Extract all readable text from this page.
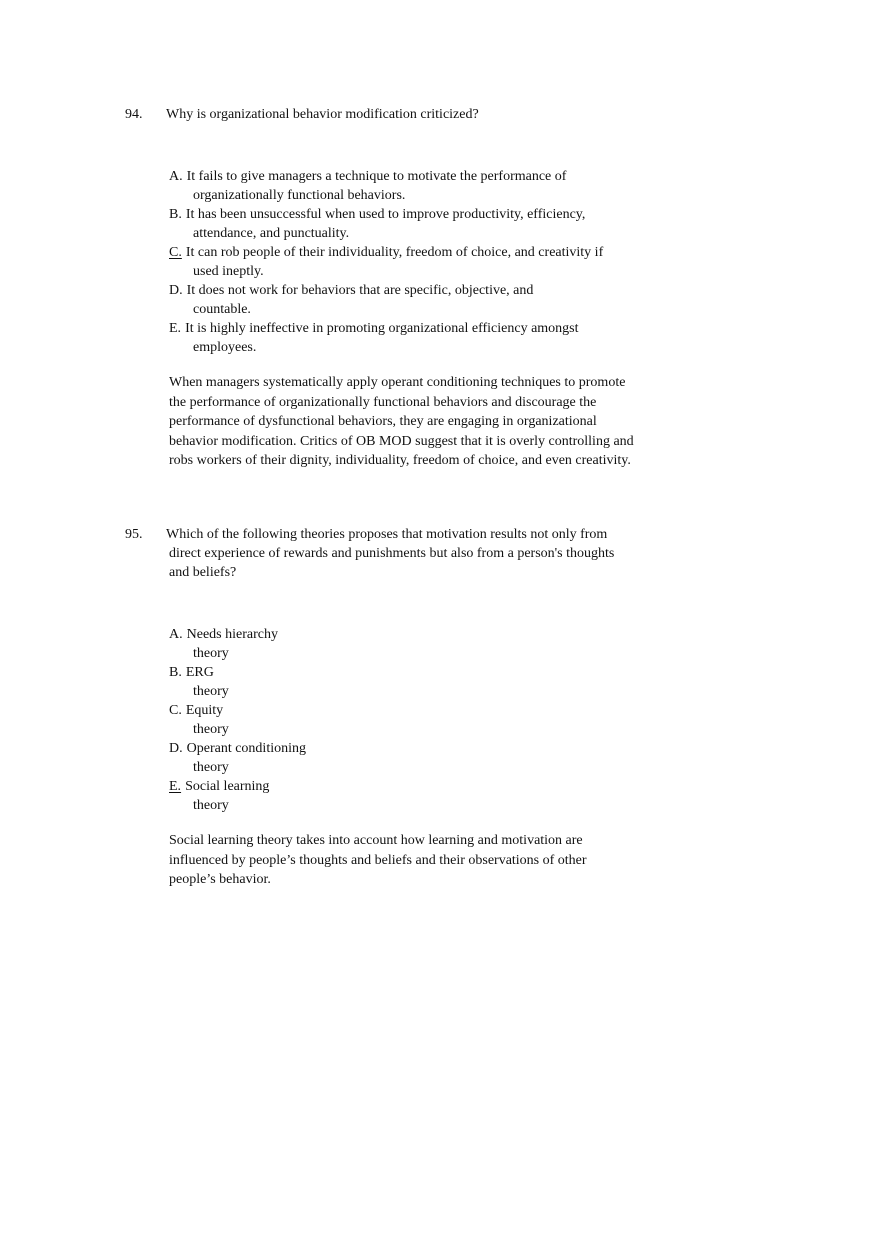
94. Why is organizational behavior modification criticized?
A. It fails to give managers a technique to motivate the performance of
organizationally functional behaviors.
B. It has been unsuccessful when used to improve productivity, efficiency,
attendance, and punctuality.
C. It can rob people of their individuality, freedom of choice, and creativity if
used ineptly.
D. It does not work for behaviors that are specific, objective, and
countable.
E. It is highly ineffective in promoting organizational efficiency amongst
employees.

When managers systematically apply operant conditioning techniques to promote
the performance of organizationally functional behaviors and discourage the
performance of dysfunctional behaviors, they are engaging in organizational
behavior modification. Critics of OB MOD suggest that it is overly controlling and
robs workers of their dignity, individuality, freedom of choice, and even creativity.

95. Which of the following theories proposes that motivation results not only from
direct experience of rewards and punishments but also from a person's thoughts
and beliefs?
A. Needs hierarchy
theory
B. ERG
theory
C. Equity
theory
D. Operant conditioning
theory
E. Social learning
theory

Social learning theory takes into account how learning and motivation are
influenced by people’s thoughts and beliefs and their observations of other
people’s behavior.
